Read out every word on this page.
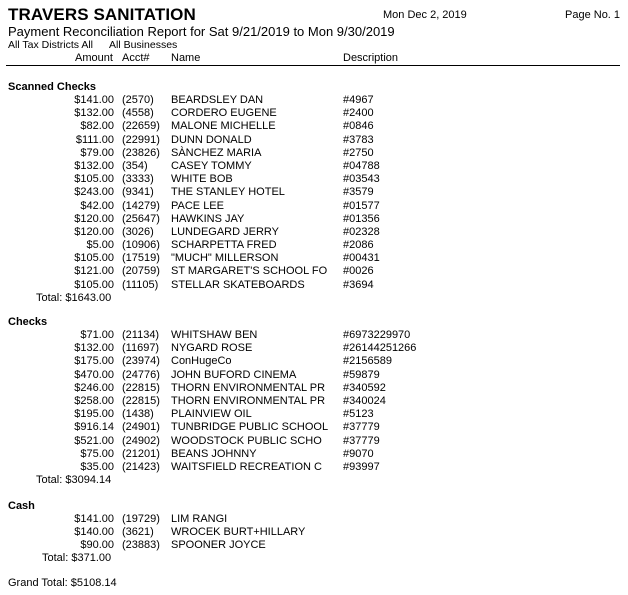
TRAVERS SANITATION	Mon Dec 2, 2019	Page No. 1
Payment Reconciliation Report for Sat 9/21/2019 to Mon 9/30/2019
All Tax Districts All All Businesses
Amount Acct# Name	Description
Scanned Checks
$141.00 (2570) BEARDSLEY DAN	#4967
$132.00 (4558) CORDERO EUGENE	#2400
$82.00 (22659) MALONE MICHELLE	#0846
$111.00 (22991) DUNN DONALD	#3783
$79.00 (23826) SÀNCHEZ MARIA	#2750
$132.00 (354) CASEY TOMMY	#04788
$105.00 (3333) WHITE BOB	#03543
$243.00 (9341) THE STANLEY HOTEL	#3579
$42.00 (14279) PACE LEE	#01577
$120.00 (25647) HAWKINS JAY	#01356
$120.00 (3026) LUNDEGARD JERRY	#02328
$5.00 (10906) SCHARPETTA FRED	#2086
$105.00 (17519) "MUCH" MILLERSON	#00431
$121.00 (20759) ST MARGARET'S SCHOOL FO #0026
$105.00 (11105) STELLAR SKATEBOARDS	#3694
Total: $1643.00
Checks
$71.00 (21134) WHITSHAW BEN	#6973229970
$132.00 (11697) NYGARD ROSE	#26144251266
$175.00 (23974) ConHugeCo	#2156589
$470.00 (24776) JOHN BUFORD CINEMA	#59879
$246.00 (22815) THORN ENVIRONMENTAL PR #340592
$258.00 (22815) THORN ENVIRONMENTAL PR #340024
$195.00 (1438) PLAINVIEW OIL	#5123
$916.14 (24901) TUNBRIDGE PUBLIC SCHOOL #37779
$521.00 (24902) WOODSTOCK PUBLIC SCHO #37779
$75.00 (21201) BEANS JOHNNY	#9070
$35.00 (21423) WAITSFIELD RECREATION C #93997
Total: $3094.14
Cash
$141.00 (19729) LIM RANGI
$140.00 (3621) WROCEK BURT+HILLARY
$90.00 (23883) SPOONER JOYCE
Total: $371.00
Grand Total: $5108.14
